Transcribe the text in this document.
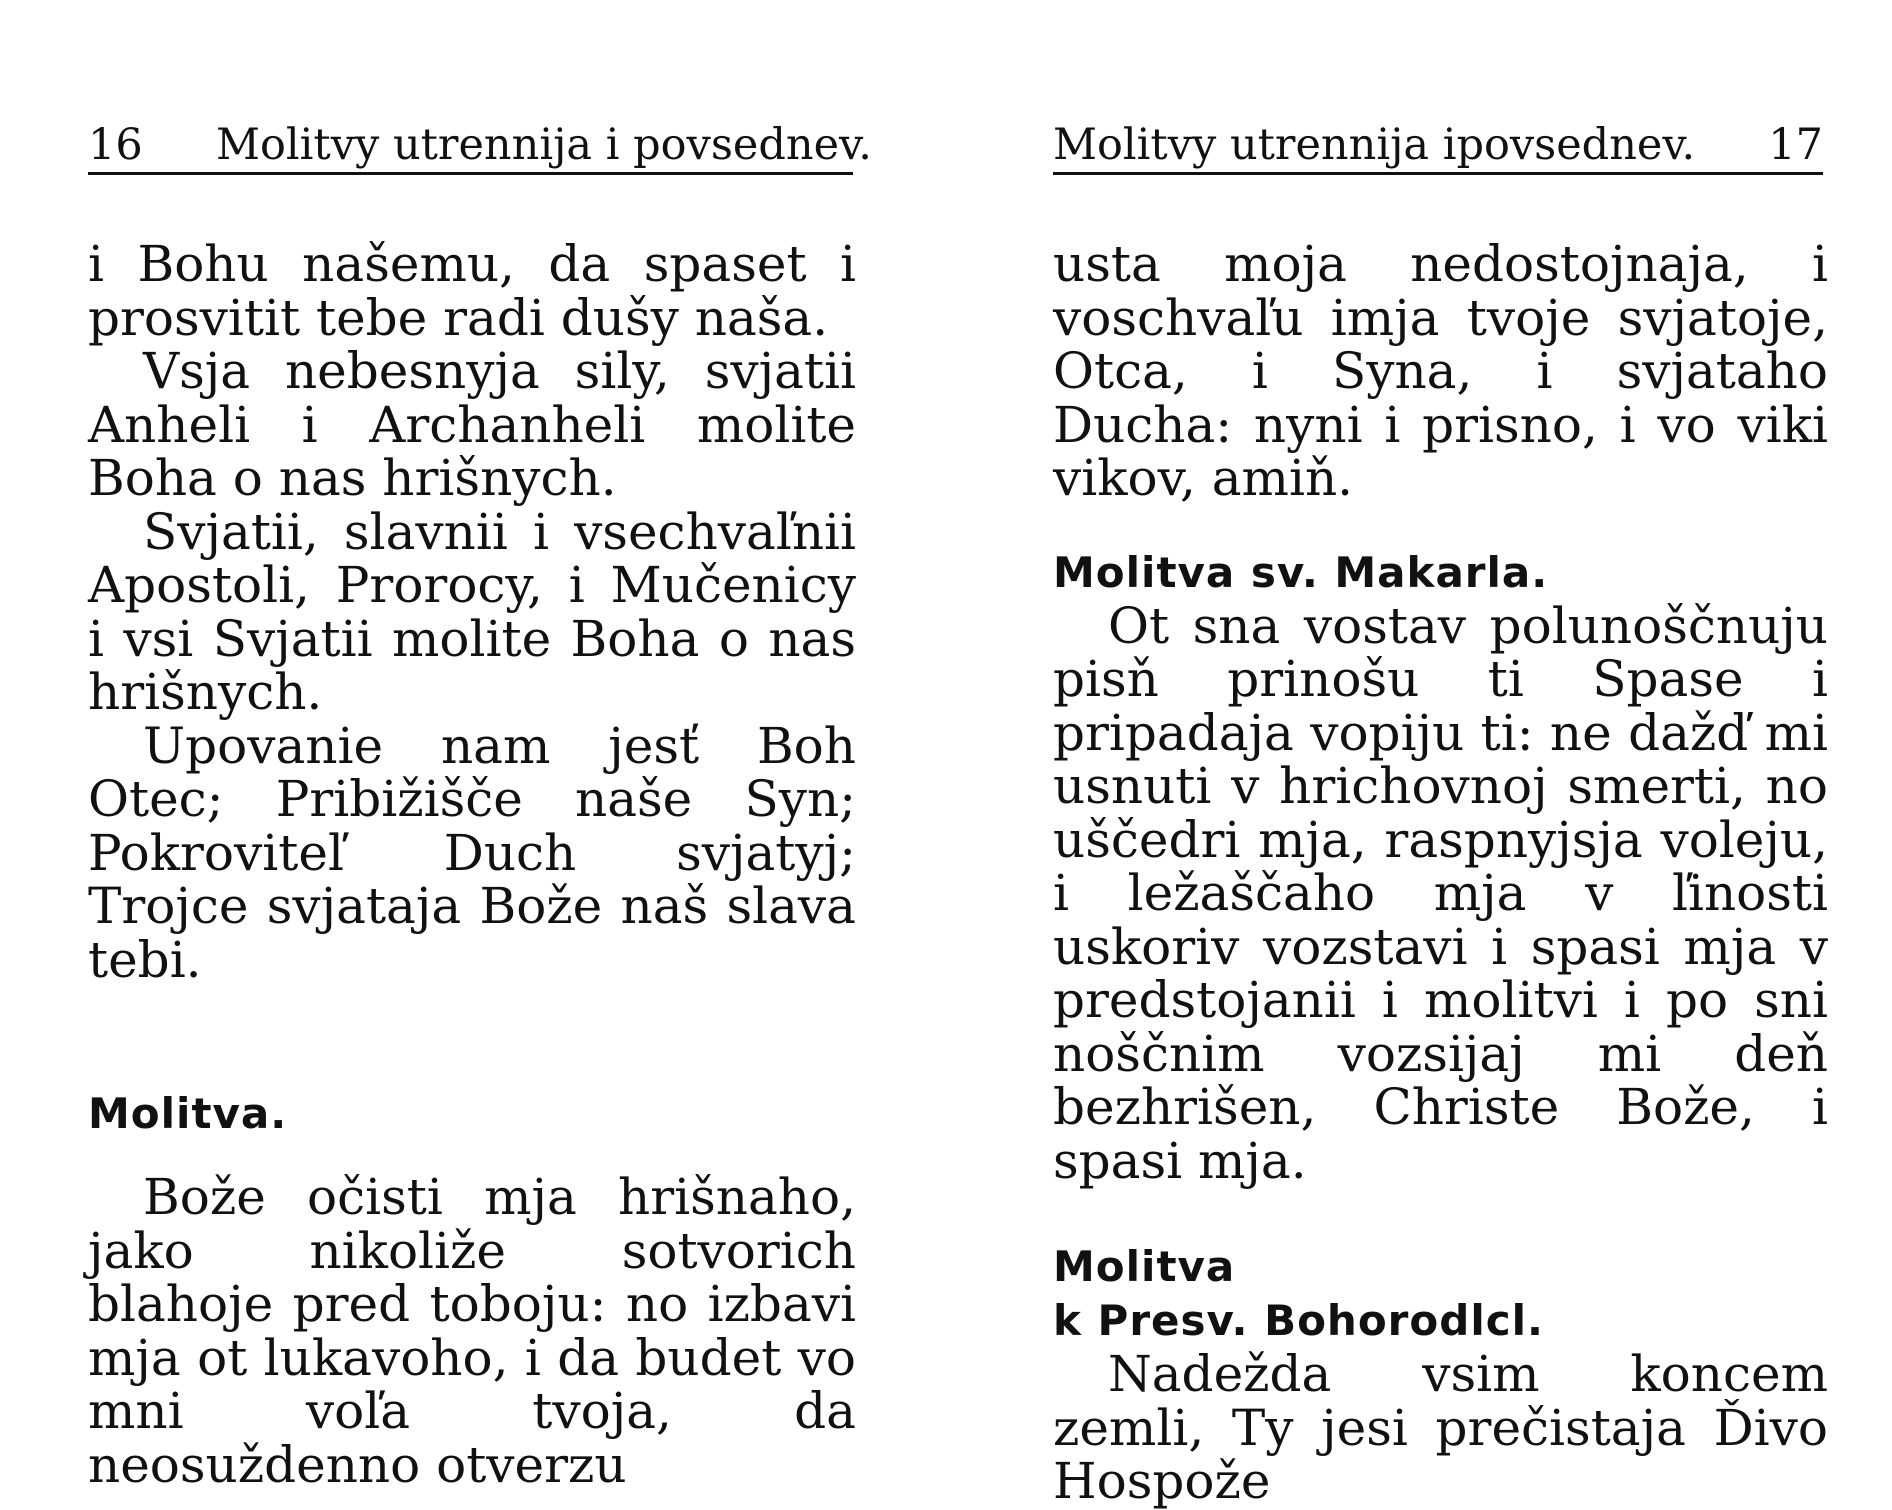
16 Molitvy utrennija i povsednev.

i Bohu našemu, da spaset i prosvitit tebe radi dušy naša.

Vsja nebesnyja sily, svjatii Anheli i Archanheli molite Boha o nas hrišnych.

Svjatii, slavnii i vsechvaľnii Apostoli, Prorocy, i Mučenicy i vsi Svjatii molite Boha o nas hrišnych.

Upovanie nam jesť Boh Otec; Pribižišče naše Syn; Pokroviteľ Duch svjatyj; Trojce svjataja Bože naš slava tebi.

Molitva.

Bože očisti mja hrišnaho, jako nikolіže sotvorich blahoje pred toboju: no izbavi mja ot lukavoho, i da budet vo mni voľa tvoja, da neosuždenno otverzu

Molitvy utrennija ipovsednev. 17

usta moja nedostojnaja, i voschvaľu imja tvoje svjatoje, Otca, i Syna, i svjataho Ducha: nyni i prisno, i vo viki vikov, amiň.

Molitva sv. Makarla.

Ot sna vostav polunoščnuju pisň prinošu ti Spase i pripadaja vopiju ti: ne dažď mi usnuti v hrichovnoj smerti, no uščedri mja, raspnyjsja voleju, i ležaščaho mja v ľinosti uskoriv vozstavi i spasi mja v predstojanii i molitvi i po sni noščnim vozsijaj mi deň bezhrišen, Christe Bože, i spasi mja.

Molitva

k Presv. Bohorodlcl.

Nadežda vsim koncem zemli, Ty jesi prečistaja Ďivo Hospože
